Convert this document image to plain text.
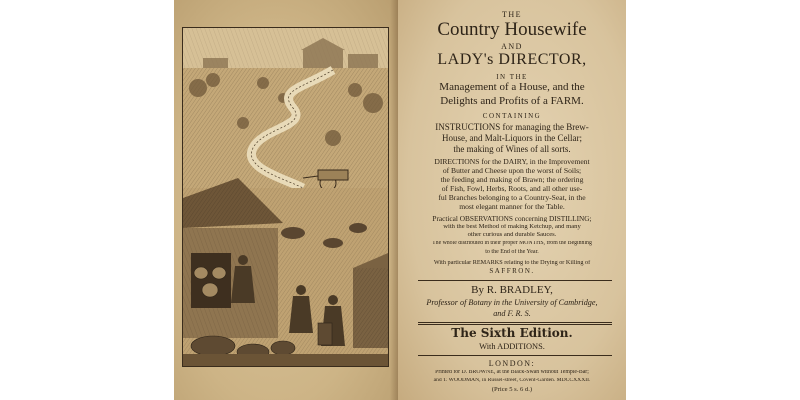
THE
Country Housewife
AND
LADY's DIRECTOR,
IN THE
Management of a House, and the
Delights and Profits of a FARM.
CONTAINING
INSTRUCTIONS for managing the Brew-
House, and Malt-Liquors in the Cellar;
the making of Wines of all sorts.
DIRECTIONS for the DAIRY, in the Improvement
of Butter and Cheese upon the worst of Soils;
the feeding and making of Brawn; the ordering
of Fish, Fowl, Herbs, Roots, and all other use-
ful Branches belonging to a Country-Seat, in the
most elegant manner for the Table.
Practical OBSERVATIONS concerning DISTILLING;
with the best Method of making Ketchup, and many
other curious and durable Sauces.
The whole distributed in their proper MONTHS, from the Beginning
to the End of the Year.
With particular REMARKS relating to the Drying or Killing of
SAFFRON.
By R. BRADLEY,
Professor of Botany in the University of Cambridge,
and F. R. S.
The Sixth Edition.
With ADDITIONS.
LONDON:
Printed for D. BROWNE, at the Black-Swan without Temple-Bar;
and T. WOODMAN, in Russel-street, Covent-Garden. MDCCXXXII.
(Price 5 s. 6 d.)
